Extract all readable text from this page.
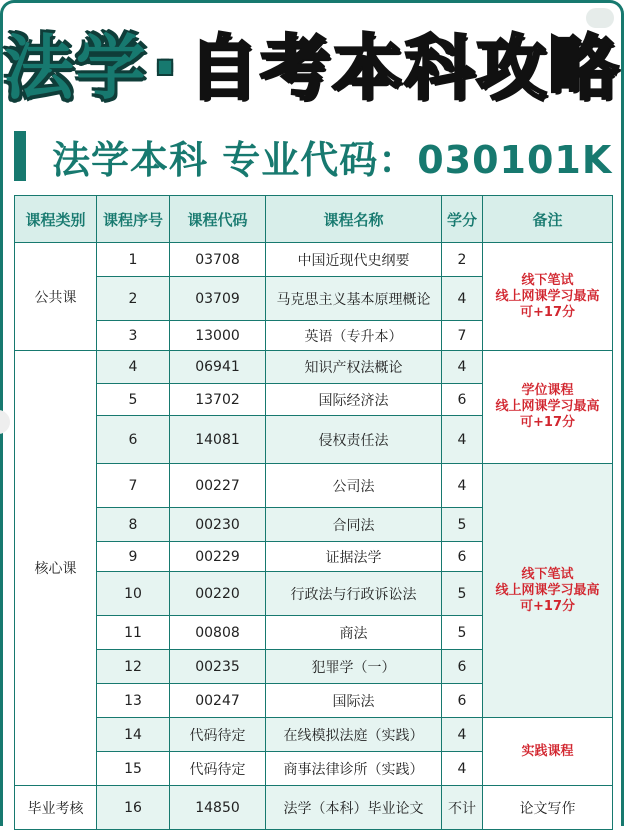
法学 · 自考本科攻略
法学本科 专业代码：030101K
课程类别	课程序号	课程代码	课程名称	学分	备注
公共课	1	03708	中国近现代史纲要	2	线下笔试
线上网课学习最高
可+17分

	2	03709	马克思主义基本原理概论	4	
	3	13000	英语（专升本）	7	
核心课	4	06941	知识产权法概论	4	学位课程
线上网课学习最高
可+17分

	5	13702	国际经济法	6	
	6	14081	侵权责任法	4	
	7	00227	公司法	4	线下笔试
线上网课学习最高
可+17分

	8	00230	合同法	5	
	9	00229	证据法学	6	
	10	00220	行政法与行政诉讼法	5	
	11	00808	商法	5	
	12	00235	犯罪学（一）	6	
	13	00247	国际法	6	
	14	代码待定	在线模拟法庭（实践）	4	实践课程

	15	代码待定	商事法律诊所（实践）	4	
毕业考核	16	14850	法学（本科）毕业论文	不计	论文写作
